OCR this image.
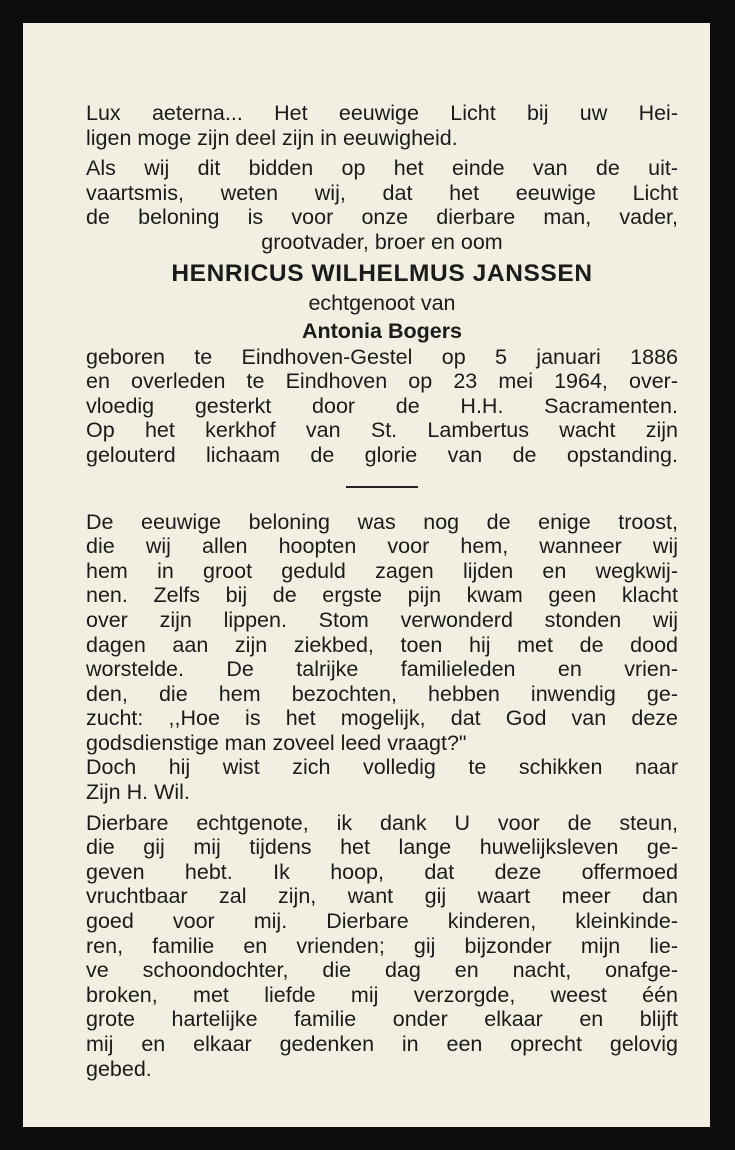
Lux aeterna... Het eeuwige Licht bij uw Hei-
ligen moge zijn deel zijn in eeuwigheid.
Als wij dit bidden op het einde van de uit-
vaartsmis, weten wij, dat het eeuwige Licht
de beloning is voor onze dierbare man, vader,
grootvader, broer en oom
HENRICUS WILHELMUS JANSSEN
echtgenoot van
Antonia Bogers
geboren te Eindhoven-Gestel op 5 januari 1886
en overleden te Eindhoven op 23 mei 1964, over-
vloedig gesterkt door de H.H. Sacramenten.
Op het kerkhof van St. Lambertus wacht zijn
gelouterd lichaam de glorie van de opstanding.
De eeuwige beloning was nog de enige troost,
die wij allen hoopten voor hem, wanneer wij
hem in groot geduld zagen lijden en wegkwij-
nen. Zelfs bij de ergste pijn kwam geen klacht
over zijn lippen. Stom verwonderd stonden wij
dagen aan zijn ziekbed, toen hij met de dood
worstelde. De talrijke familieleden en vrien-
den, die hem bezochten, hebben inwendig ge-
zucht: ,,Hoe is het mogelijk, dat God van deze
godsdienstige man zoveel leed vraagt?"
Doch hij wist zich volledig te schikken naar
Zijn H. Wil.
Dierbare echtgenote, ik dank U voor de steun,
die gij mij tijdens het lange huwelijksleven ge-
geven hebt. Ik hoop, dat deze offermoed
vruchtbaar zal zijn, want gij waart meer dan
goed voor mij. Dierbare kinderen, kleinkinde-
ren, familie en vrienden; gij bijzonder mijn lie-
ve schoondochter, die dag en nacht, onafge-
broken, met liefde mij verzorgde, weest één
grote hartelijke familie onder elkaar en blijft
mij en elkaar gedenken in een oprecht gelovig
gebed.
